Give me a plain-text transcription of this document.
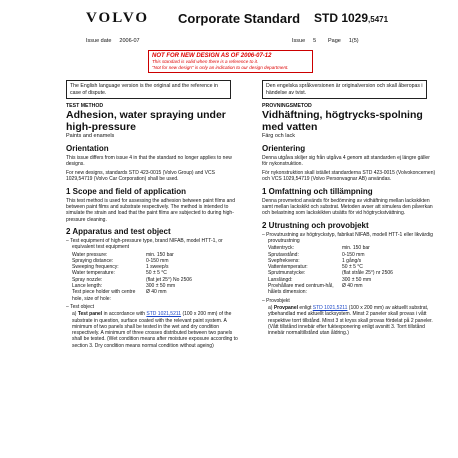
VOLVO Corporate Standard STD 1029,5471
Issue date 2006-07	Issue 5 Page 1(5)
NOT FOR NEW DESIGN AS OF 2006-07-12
This standard is valid when there is a reference to it.
"Not for new design" is only an indication to our design department.
The English language version is the original and the reference in case of dispute.
Den engelska språkversionen är originalversion och skall åberopas i händelse av tvist.
TEST METHOD
Adhesion, water spraying under high-pressure
Paints and enamels
Orientation

This issue differs from issue 4 in that the standard no longer applies to new designs.

For new designs, standards STD 423-0015 (Volvo Group) and VCS 1029,54719 (Volvo Car Corporation) shall be used.

1 Scope and field of application

This test method is used for assessing the adhesion between paint films and between paint films and substrate respectively. The method is intended to simulate the strain and load that the paint films are subjected to during high-pressure cleaning.

2 Apparatus and test object
– Test equipment of high-pressure type, brand NIFAB, model HTT-1, or equivalent test equipment
Water pressure:	min. 150 bar
Spraying distance:	0-150 mm
Sweeping frequency:	1 sweep/s
Water temperature:	50 ± 5 °C
Spray nozzle:	(flat jet 25°) No 2506
Lance length:	300 ± 50 mm
Test piece holder with centre hole, size of hole:
Ø 40 mm
– Test object

a) Test panel in accordance with STD 1021,5211 (100 x 200 mm) of the substrate in question, surface coated with the relevant paint system. A minimum of two panels shall be tested in the wet and dry condition respectively. A minimum of three crosses distributed between two panels shall be tested. (Wet condition means after moisture exposure according to section 3. Dry condition means normal condition without ageing)

PROVNINGSMETOD
Vidhäftning, högtrycks-spolning med vatten
Färg och lack
Orientering

Denna utgåva skiljer sig från utgåva 4 genom att standarden ej längre gäller för nykonstruktion.

För nykonstruktion skall istället standarderna STD 423-0015 (Volvokoncernen) och VCS 1029,54719 (Volvo Personvagnar AB) användas.

1 Omfattning och tillämpning

Denna provmetod används för bedömning av vidhäftning mellan lackskikten samt mellan lackskikt och substrat. Metoden avser att simulera den påverkan och belastning som lackskikten utsätts för vid högtryckstvättning.

2 Utrustning och provobjekt
– Provutrustning av högtryckstyp, fabrikat NIFAB, modell HTT-1 eller likvärdig provutrustning
Vattentryck:	min. 150 bar
Sprutavstånd:	0-150 mm
Svepfrekvens:	1 gång/s
Vattentemperatur:	50 ± 5 °C
Sprutmunstycke:	(flat stråle 25°) nr 2506
Lanslängd:	300 ± 50 mm
Provhållare med centrum-hål, hålets dimension:
Ø 40 mm
– Provobjekt

a) Provpanel enligt STD 1021,5211 (100 x 200 mm) av aktuellt substrat, ytbehandlad med aktuellt lacksystem. Minst 2 paneler skall provas i vått respektive torrt tillstånd. Minst 3 st kryss skall provas fördelat på 2 paneler. (Vått tillstånd innebär efter fuktexponering enligt avsnitt 3. Torrt tillstånd innebär normaltillstånd utan åldring.)
